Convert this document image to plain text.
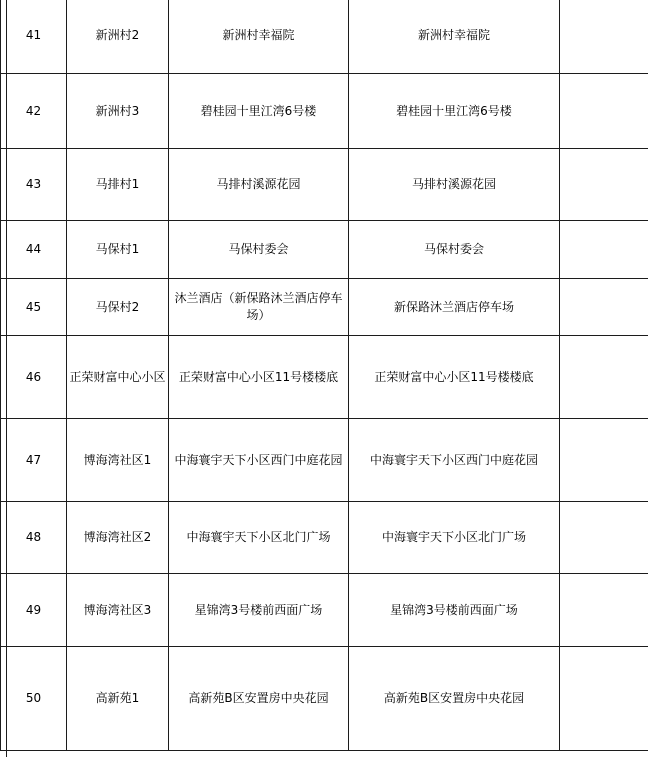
41	新洲村2	新洲村幸福院	新洲村幸福院	
42	新洲村3	碧桂园十里江湾6号楼	碧桂园十里江湾6号楼	
43	马排村1	马排村溪源花园	马排村溪源花园	
44	马保村1	马保村委会	马保村委会	
45	马保村2	沐兰酒店（新保路沐兰酒店停车场）	新保路沐兰酒店停车场	
46	正荣财富中心小区	正荣财富中心小区11号楼楼底	正荣财富中心小区11号楼楼底	
47	博海湾社区1	中海寰宇天下小区西门中庭花园	中海寰宇天下小区西门中庭花园	
48	博海湾社区2	中海寰宇天下小区北门广场	中海寰宇天下小区北门广场	
49	博海湾社区3	星锦湾3号楼前西面广场	星锦湾3号楼前西面广场	
50	高新苑1	高新苑B区安置房中央花园	高新苑B区安置房中央花园	
